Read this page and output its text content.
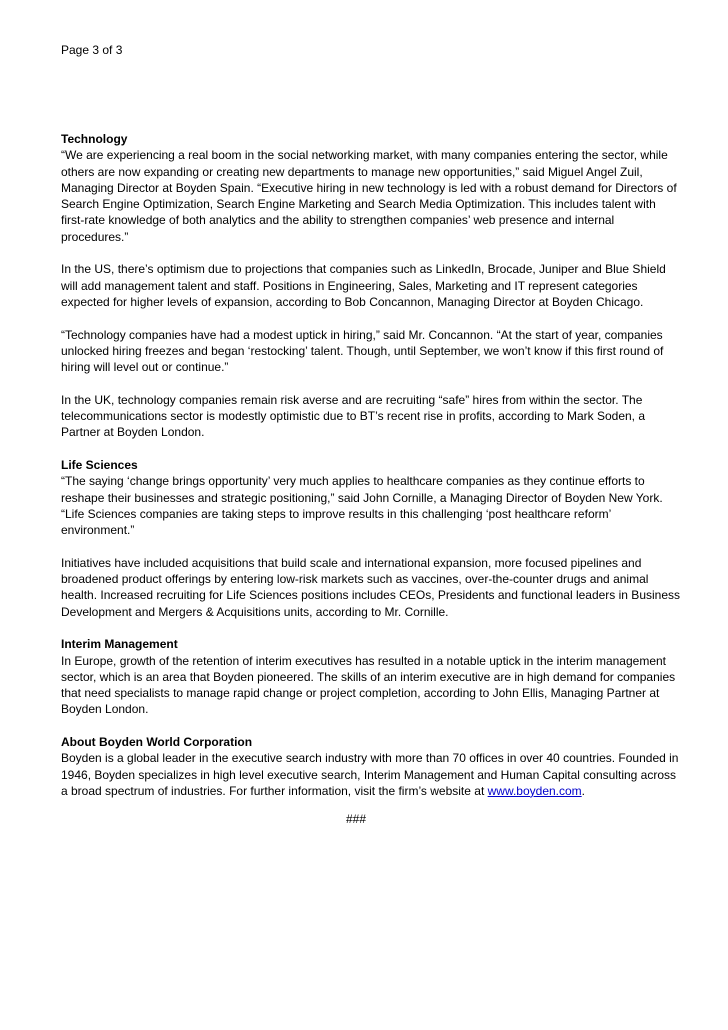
Page 3 of 3
Technology

“We are experiencing a real boom in the social networking market, with many companies entering the sector, while others are now expanding or creating new departments to manage new opportunities,” said Miguel Angel Zuil, Managing Director at Boyden Spain. “Executive hiring in new technology is led with a robust demand for Directors of Search Engine Optimization, Search Engine Marketing and Search Media Optimization. This includes talent with first-rate knowledge of both analytics and the ability to strengthen companies’ web presence and internal procedures.”

In the US, there’s optimism due to projections that companies such as LinkedIn, Brocade, Juniper and Blue Shield will add management talent and staff. Positions in Engineering, Sales, Marketing and IT represent categories expected for higher levels of expansion, according to Bob Concannon, Managing Director at Boyden Chicago.

“Technology companies have had a modest uptick in hiring,” said Mr. Concannon. “At the start of year, companies unlocked hiring freezes and began ‘restocking’ talent. Though, until September, we won’t know if this first round of hiring will level out or continue.”

In the UK, technology companies remain risk averse and are recruiting “safe” hires from within the sector. The telecommunications sector is modestly optimistic due to BT’s recent rise in profits, according to Mark Soden, a Partner at Boyden London.

Life Sciences

“The saying ‘change brings opportunity’ very much applies to healthcare companies as they continue efforts to reshape their businesses and strategic positioning,” said John Cornille, a Managing Director of Boyden New York. “Life Sciences companies are taking steps to improve results in this challenging ‘post healthcare reform’ environment.”

Initiatives have included acquisitions that build scale and international expansion, more focused pipelines and broadened product offerings by entering low-risk markets such as vaccines, over-the-counter drugs and animal health. Increased recruiting for Life Sciences positions includes CEOs, Presidents and functional leaders in Business Development and Mergers & Acquisitions units, according to Mr. Cornille.

Interim Management

In Europe, growth of the retention of interim executives has resulted in a notable uptick in the interim management sector, which is an area that Boyden pioneered. The skills of an interim executive are in high demand for companies that need specialists to manage rapid change or project completion, according to John Ellis, Managing Partner at Boyden London.

About Boyden World Corporation

Boyden is a global leader in the executive search industry with more than 70 offices in over 40 countries. Founded in 1946, Boyden specializes in high level executive search, Interim Management and Human Capital consulting across a broad spectrum of industries. For further information, visit the firm’s website at www.boyden.com.

###
